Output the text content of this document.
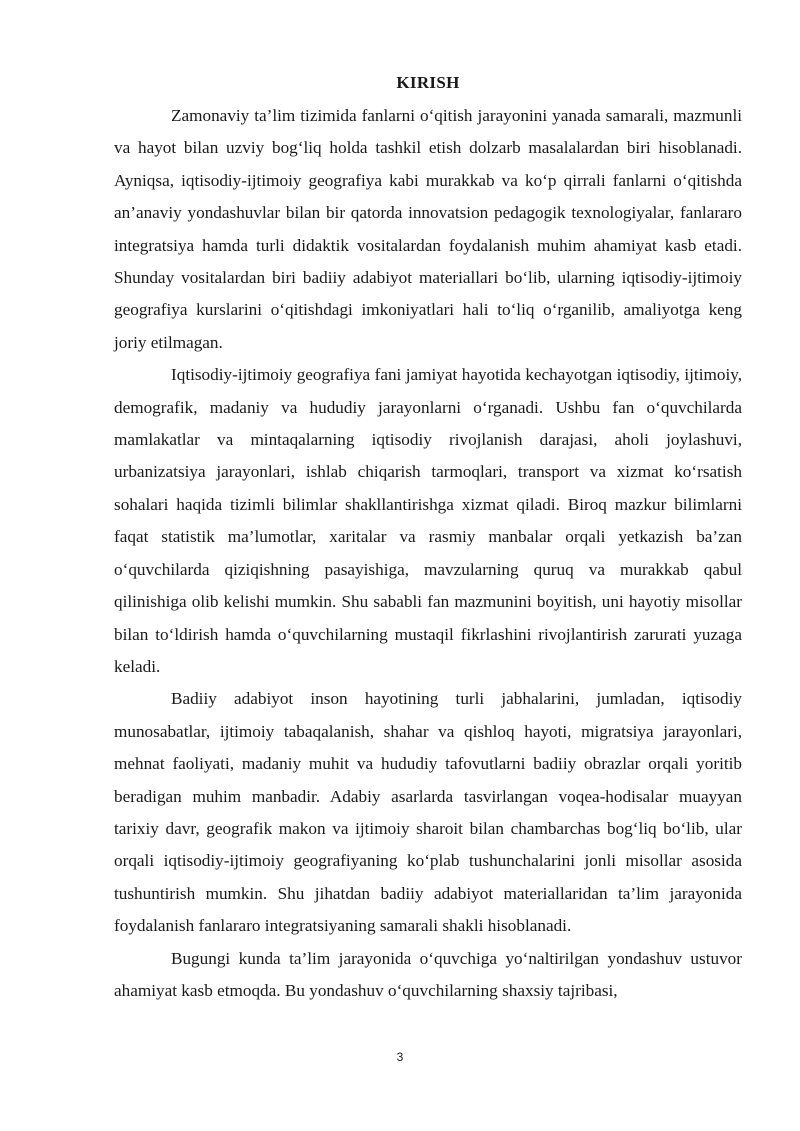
KIRISH

Zamonaviy ta’lim tizimida fanlarni o‘qitish jarayonini yanada samarali, mazmunli va hayot bilan uzviy bog‘liq holda tashkil etish dolzarb masalalardan biri hisoblanadi. Ayniqsa, iqtisodiy-ijtimoiy geografiya kabi murakkab va ko‘p qirrali fanlarni o‘qitishda an’anaviy yondashuvlar bilan bir qatorda innovatsion pedagogik texnologiyalar, fanlararo integratsiya hamda turli didaktik vositalardan foydalanish muhim ahamiyat kasb etadi. Shunday vositalardan biri badiiy adabiyot materiallari bo‘lib, ularning iqtisodiy-ijtimoiy geografiya kurslarini o‘qitishdagi imkoniyatlari hali to‘liq o‘rganilib, amaliyotga keng joriy etilmagan.

Iqtisodiy-ijtimoiy geografiya fani jamiyat hayotida kechayotgan iqtisodiy, ijtimoiy, demografik, madaniy va hududiy jarayonlarni o‘rganadi. Ushbu fan o‘quvchilarda mamlakatlar va mintaqalarning iqtisodiy rivojlanish darajasi, aholi joylashuvi, urbanizatsiya jarayonlari, ishlab chiqarish tarmoqlari, transport va xizmat ko‘rsatish sohalari haqida tizimli bilimlar shakllantirishga xizmat qiladi. Biroq mazkur bilimlarni faqat statistik ma’lumotlar, xaritalar va rasmiy manbalar orqali yetkazish ba’zan o‘quvchilarda qiziqishning pasayishiga, mavzularning quruq va murakkab qabul qilinishiga olib kelishi mumkin. Shu sababli fan mazmunini boyitish, uni hayotiy misollar bilan to‘ldirish hamda o‘quvchilarning mustaqil fikrlashini rivojlantirish zarurati yuzaga keladi.

Badiiy adabiyot inson hayotining turli jabhalarini, jumladan, iqtisodiy munosabatlar, ijtimoiy tabaqalanish, shahar va qishloq hayoti, migratsiya jarayonlari, mehnat faoliyati, madaniy muhit va hududiy tafovutlarni badiiy obrazlar orqali yoritib beradigan muhim manbadir. Adabiy asarlarda tasvirlangan voqea-hodisalar muayyan tarixiy davr, geografik makon va ijtimoiy sharoit bilan chambarchas bog‘liq bo‘lib, ular orqali iqtisodiy-ijtimoiy geografiyaning ko‘plab tushunchalarini jonli misollar asosida tushuntirish mumkin. Shu jihatdan badiiy adabiyot materiallaridan ta’lim jarayonida foydalanish fanlararo integratsiyaning samarali shakli hisoblanadi.

Bugungi kunda ta’lim jarayonida o‘quvchiga yo‘naltirilgan yondashuv ustuvor ahamiyat kasb etmoqda. Bu yondashuv o‘quvchilarning shaxsiy tajribasi,

3
